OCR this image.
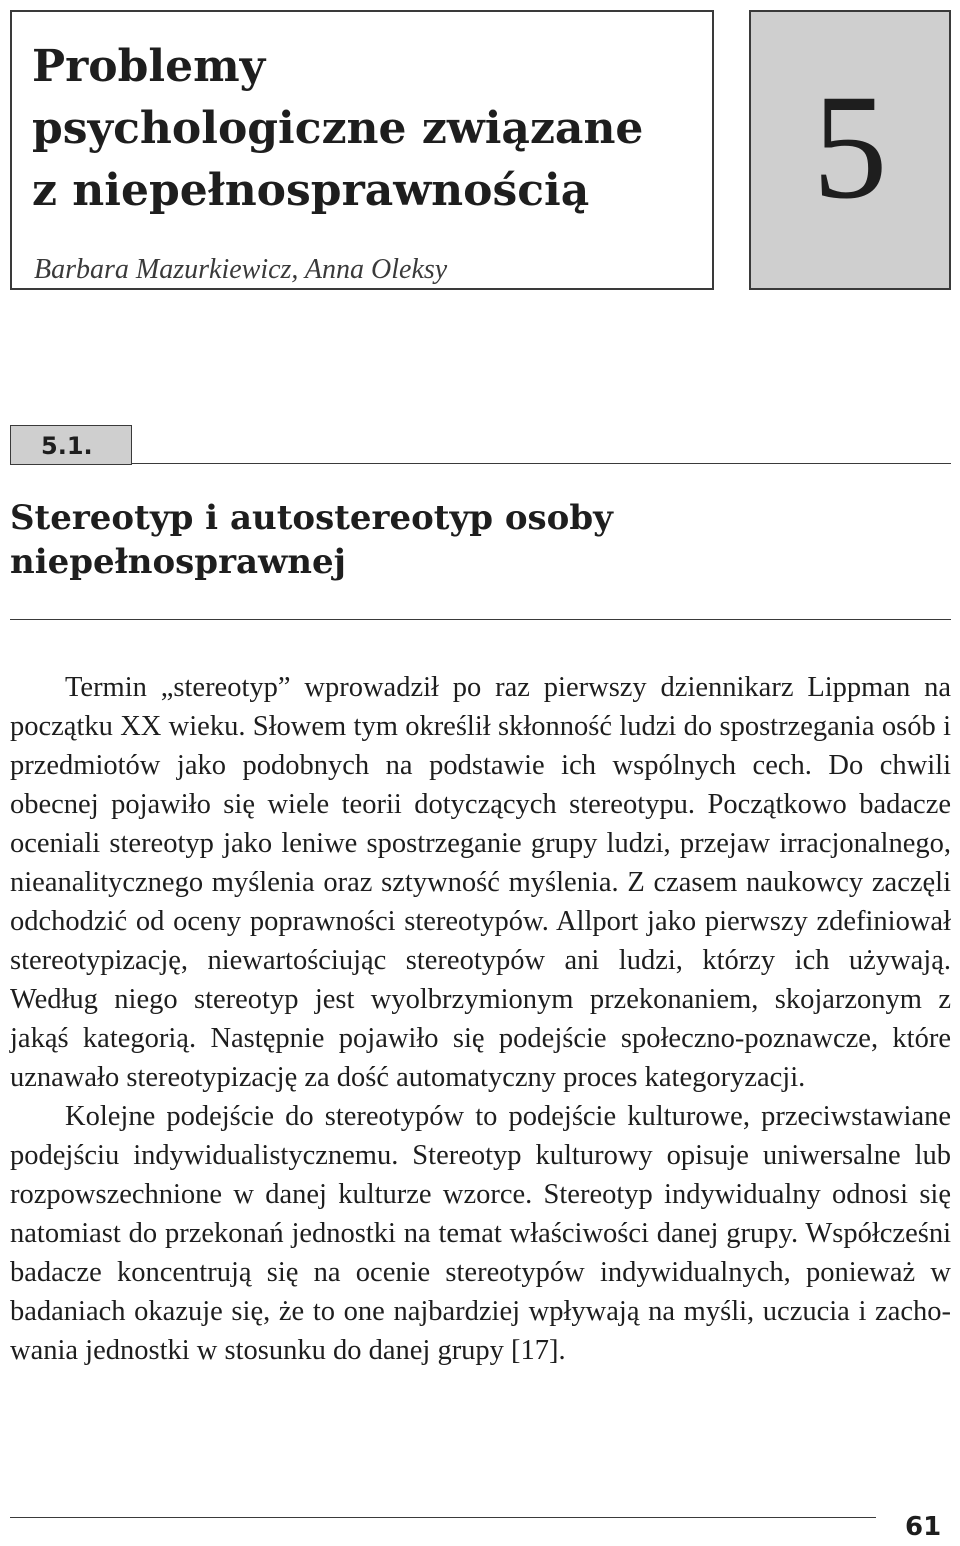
Problemy
psychologiczne związane
z niepełnosprawnością
Barbara Mazurkiewicz, Anna Oleksy
5
5.1.
Stereotyp i autostereotyp osoby
niepełnosprawnej

Termin „stereotyp” wprowadził po raz pierwszy dziennikarz Lippman na początku XX wieku. Słowem tym określił skłonność ludzi do spostrzegania osób i przedmiotów jako podobnych na podstawie ich wspólnych cech. Do chwili obecnej pojawiło się wiele teorii dotyczących stereotypu. Początkowo badacze oceniali stereotyp jako leniwe spostrzeganie grupy ludzi, przejaw irracjonalnego, nieanalitycznego myślenia oraz sztywność myślenia. Z czasem naukowcy zaczęli odchodzić od oceny poprawności stereotypów. Allport jako pierwszy zdefiniował stereotypizację, niewartościując stereotypów ani ludzi, którzy ich używają. Według niego stereotyp jest wyolbrzymionym przekonaniem, skojarzonym z jakąś kategorią. Następnie pojawiło się podejście społeczno-poznawcze, które uznawało stereotypizację za dość automatyczny proces kategoryzacji.

Kolejne podejście do stereotypów to podejście kulturowe, przeciwstawiane podejściu indywidualistycznemu. Stereotyp kulturowy opisuje uniwersalne lub rozpowszechnione w danej kulturze wzorce. Stereotyp indywidualny odnosi się natomiast do przekonań jednostki na temat właściwości danej grupy. Współcześni badacze koncentrują się na ocenie stereotypów indywidualnych, ponieważ w badaniach okazuje się, że to one najbardziej wpływają na myśli, uczucia i zachowania jednostki w stosunku do danej grupy [17].

61
